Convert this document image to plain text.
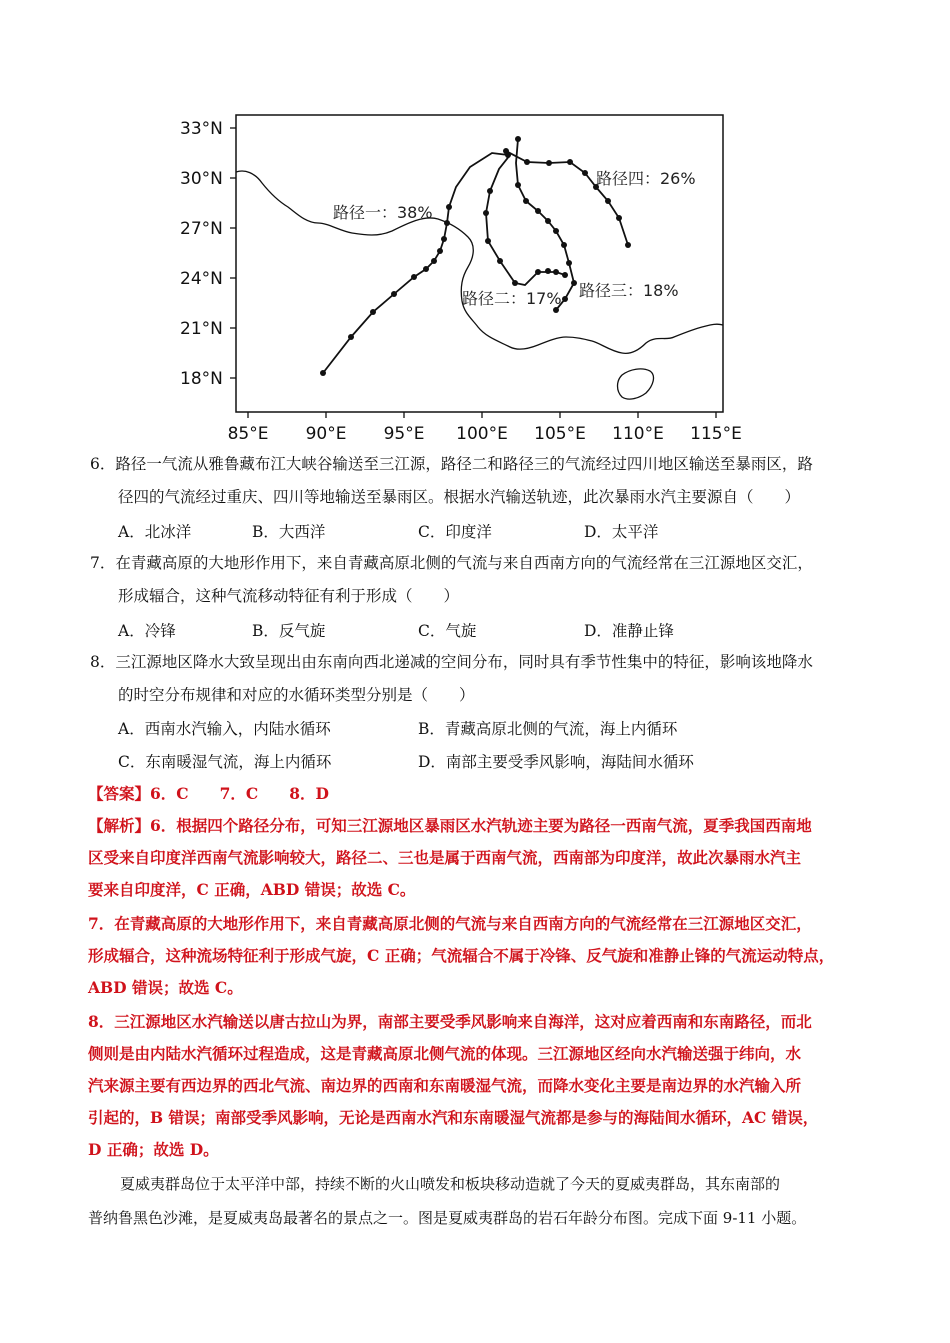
33°N
30°N
27°N
24°N
21°N
18°N
85°E 90°E 95°E 100°E 105°E 110°E 115°E
路径一：38%
路径二：17% 路径三：18%
路径四：26%
6．路径一气流从雅鲁藏布江大峡谷输送至三江源，路径二和路径三的气流经过四川地区输送至暴雨区，路
径四的气流经过重庆、四川等地输送至暴雨区。根据水汽输送轨迹，此次暴雨水汽主要源自（　　）
A．北冰洋	B．大西洋	C．印度洋	D．太平洋
7．在青藏高原的大地形作用下，来自青藏高原北侧的气流与来自西南方向的气流经常在三江源地区交汇，
形成辐合，这种气流移动特征有利于形成（　　）
A．冷锋	B．反气旋	C．气旋	D．准静止锋
8．三江源地区降水大致呈现出由东南向西北递减的空间分布，同时具有季节性集中的特征，影响该地降水
的时空分布规律和对应的水循环类型分别是（　　）
A．西南水汽输入，内陆水循环	B．青藏高原北侧的气流，海上内循环
C．东南暖湿气流，海上内循环	D．南部主要受季风影响，海陆间水循环
【答案】6．C　　7．C　　8．D
【解析】6．根据四个路径分布，可知三江源地区暴雨区水汽轨迹主要为路径一西南气流，夏季我国西南地
区受来自印度洋西南气流影响较大，路径二、三也是属于西南气流，西南部为印度洋，故此次暴雨水汽主
要来自印度洋，C 正确，ABD 错误；故选 C。
7．在青藏高原的大地形作用下，来自青藏高原北侧的气流与来自西南方向的气流经常在三江源地区交汇，
形成辐合，这种流场特征利于形成气旋，C 正确；气流辐合不属于冷锋、反气旋和准静止锋的气流运动特点，
ABD 错误；故选 C。
8．三江源地区水汽输送以唐古拉山为界，南部主要受季风影响来自海洋，这对应着西南和东南路径，而北
侧则是由内陆水汽循环过程造成，这是青藏高原北侧气流的体现。三江源地区经向水汽输送强于纬向，水
汽来源主要有西边界的西北气流、南边界的西南和东南暖湿气流，而降水变化主要是南边界的水汽输入所
引起的，B 错误；南部受季风影响，无论是西南水汽和东南暖湿气流都是参与的海陆间水循环，AC 错误，
D 正确；故选 D。
夏威夷群岛位于太平洋中部，持续不断的火山喷发和板块移动造就了今天的夏威夷群岛，其东南部的
普纳鲁黑色沙滩，是夏威夷岛最著名的景点之一。图是夏威夷群岛的岩石年龄分布图。完成下面 9-11 小题。
